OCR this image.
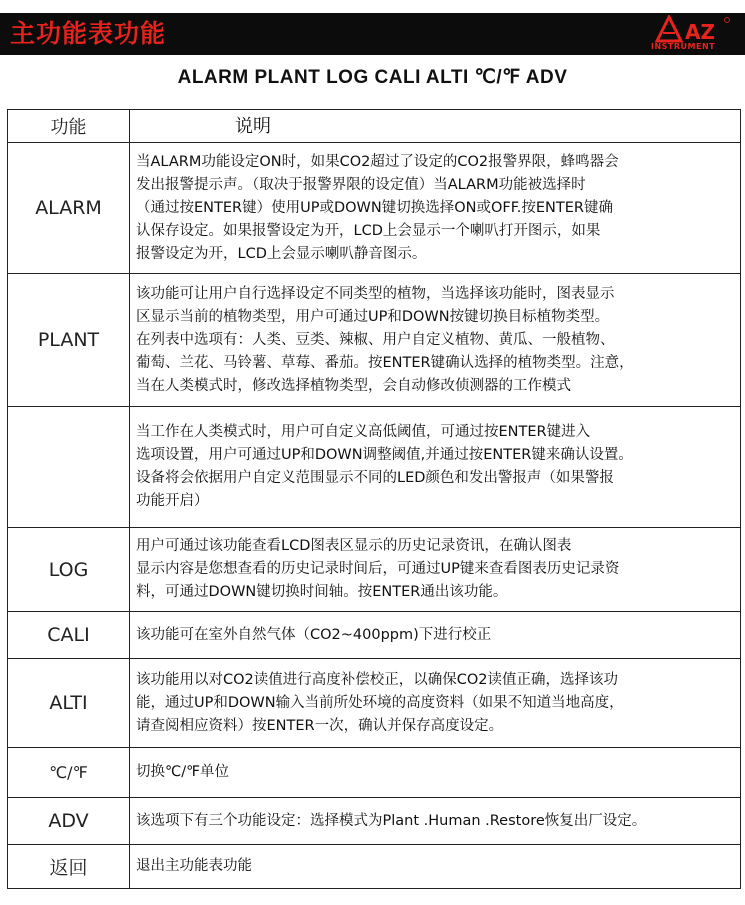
主功能表功能	AZ
INSTRUMENT
ALARM PLANT LOG CALI ALTI ℃/℉ ADV
功能	说明
ALARM	当ALARM功能设定ON时，如果CO2超过了设定的CO2报警界限，蜂鸣器会
发出报警提示声。（取决于报警界限的设定值）当ALARM功能被选择时
（通过按ENTER键）使用UP或DOWN键切换选择ON或OFF.按ENTER键确
认保存设定。如果报警设定为开，LCD上会显示一个喇叭打开图示，如果
报警设定为开，LCD上会显示喇叭静音图示。

PLANT	该功能可让用户自行选择设定不同类型的植物，当选择该功能时，图表显示
区显示当前的植物类型，用户可通过UP和DOWN按键切换目标植物类型。
在列表中选项有：人类、豆类、辣椒、用户自定义植物、黄瓜、一般植物、
葡萄、兰花、马铃薯、草莓、番茄。按ENTER键确认选择的植物类型。注意，
当在人类模式时，修改选择植物类型，会自动修改侦测器的工作模式

	当工作在人类模式时，用户可自定义高低阈值，可通过按ENTER键进入
选项设置，用户可通过UP和DOWN调整阈值,并通过按ENTER键来确认设置。
设备将会依据用户自定义范围显示不同的LED颜色和发出警报声（如果警报
功能开启）

LOG	用户可通过该功能查看LCD图表区显示的历史记录资讯，在确认图表
显示内容是您想查看的历史记录时间后，可通过UP键来查看图表历史记录资
料，可通过DOWN键切换时间轴。按ENTER通出该功能。

CALI	该功能可在室外自然气体（CO2~400ppm)下进行校正

ALTI	该功能用以对CO2读值进行高度补偿校正，以确保CO2读值正确，选择该功
能，通过UP和DOWN输入当前所处环境的高度资料（如果不知道当地高度，
请查阅相应资料）按ENTER一次，确认并保存高度设定。

℃/℉	切换℃/℉单位

ADV	该选项下有三个功能设定：选择模式为Plant .Human .Restore恢复出厂设定。

返回	退出主功能表功能
